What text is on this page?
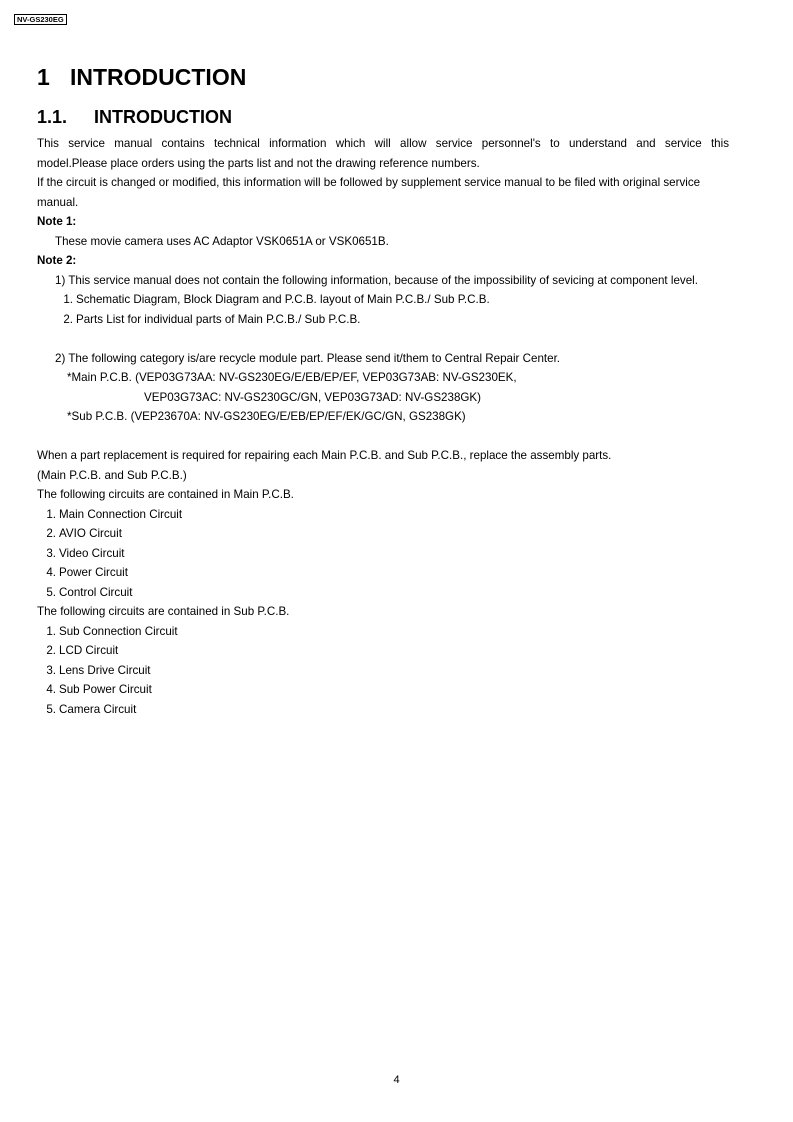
NV-GS230EG
1 INTRODUCTION
1.1. INTRODUCTION

This service manual contains technical information which will allow service personnel's to understand and service this
model.Please place orders using the parts list and not the drawing reference numbers.

If the circuit is changed or modified, this information will be followed by supplement service manual to be filed with original service manual.

Note 1:

These movie camera uses AC Adaptor VSK0651A or VSK0651B.

Note 2:

1) This service manual does not contain the following information, because of the impossibility of sevicing at component level.

1. Schematic Diagram, Block Diagram and P.C.B. layout of Main P.C.B./ Sub P.C.B.
2. Parts List for individual parts of Main P.C.B./ Sub P.C.B.

2) The following category is/are recycle module part. Please send it/them to Central Repair Center.

*Main P.C.B. (VEP03G73AA: NV-GS230EG/E/EB/EP/EF, VEP03G73AB: NV-GS230EK,

VEP03G73AC: NV-GS230GC/GN, VEP03G73AD: NV-GS238GK)

*Sub P.C.B. (VEP23670A: NV-GS230EG/E/EB/EP/EF/EK/GC/GN, GS238GK)

When a part replacement is required for repairing each Main P.C.B. and Sub P.C.B., replace the assembly parts.

(Main P.C.B. and Sub P.C.B.)

The following circuits are contained in Main P.C.B.

1. Main Connection Circuit
2. AVIO Circuit
3. Video Circuit
4. Power Circuit
5. Control Circuit

The following circuits are contained in Sub P.C.B.

1. Sub Connection Circuit
2. LCD Circuit
3. Lens Drive Circuit
4. Sub Power Circuit
5. Camera Circuit
4
